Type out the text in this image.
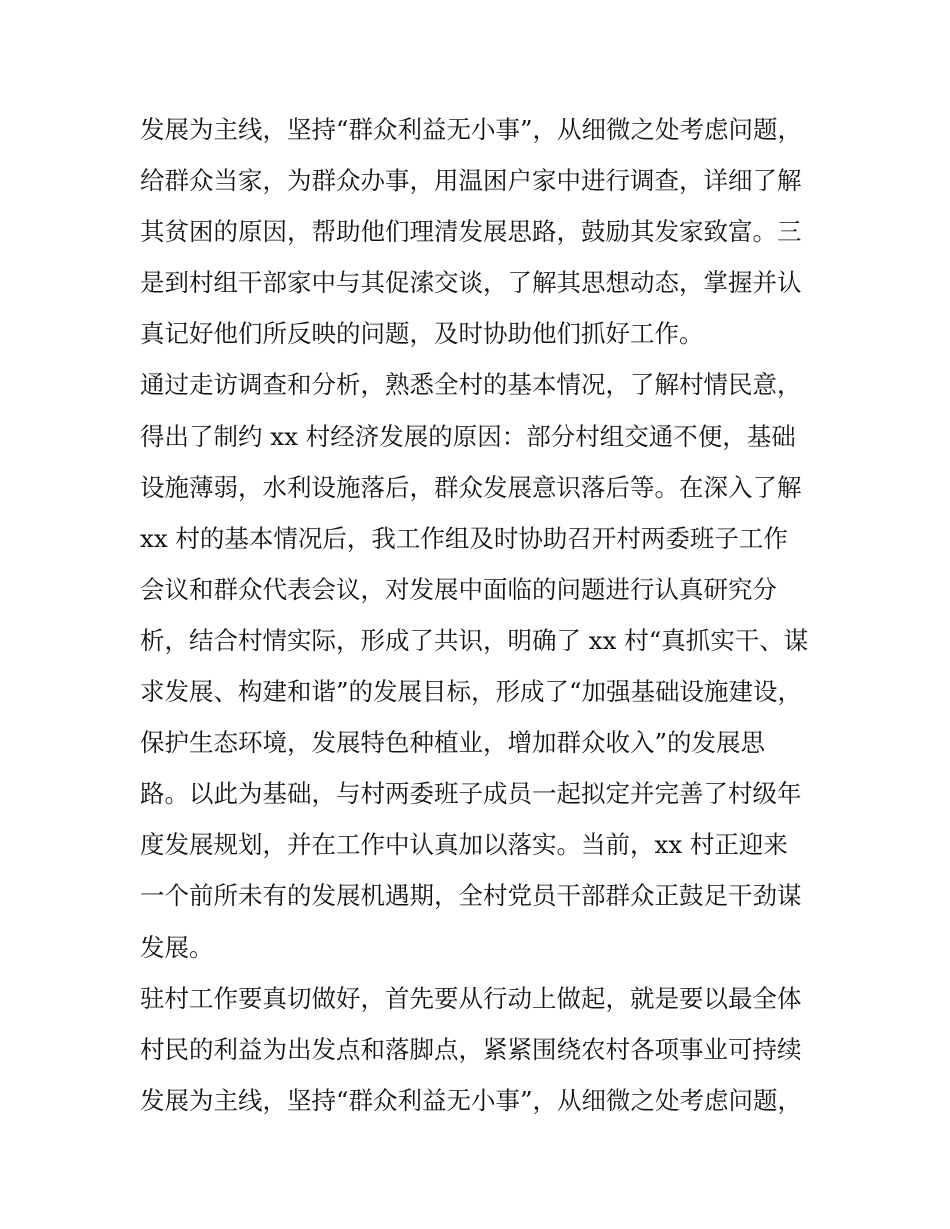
发展为主线，坚持“群众利益无小事”，从细微之处考虑问题，
给群众当家，为群众办事，用温困户家中进行调查，详细了解
其贫困的原因，帮助他们理清发展思路，鼓励其发家致富。三
是到村组干部家中与其促溹交谈，了解其思想动态，掌握并认
真记好他们所反映的问题，及时协助他们抓好工作。
通过走访调查和分析，熟悉全村的基本情况，了解村情民意，
得出了制约 xx 村经济发展的原因：部分村组交通不便，基础
设施薄弱，水利设施落后，群众发展意识落后等。在深入了解
xx 村的基本情况后，我工作组及时协助召开村两委班子工作
会议和群众代表会议，对发展中面临的问题进行认真研究分
析，结合村情实际，形成了共识，明确了 xx 村“真抓实干、谋
求发展、构建和谐”的发展目标，形成了“加强基础设施建设，
保护生态环境，发展特色种植业，增加群众收入”的发展思
路。以此为基础，与村两委班子成员一起拟定并完善了村级年
度发展规划，并在工作中认真加以落实。当前，xx 村正迎来
一个前所未有的发展机遇期，全村党员干部群众正鼓足干劲谋
发展。
驻村工作要真切做好，首先要从行动上做起，就是要以最全体
村民的利益为出发点和落脚点，紧紧围绕农村各项事业可持续
发展为主线，坚持“群众利益无小事”，从细微之处考虑问题，
